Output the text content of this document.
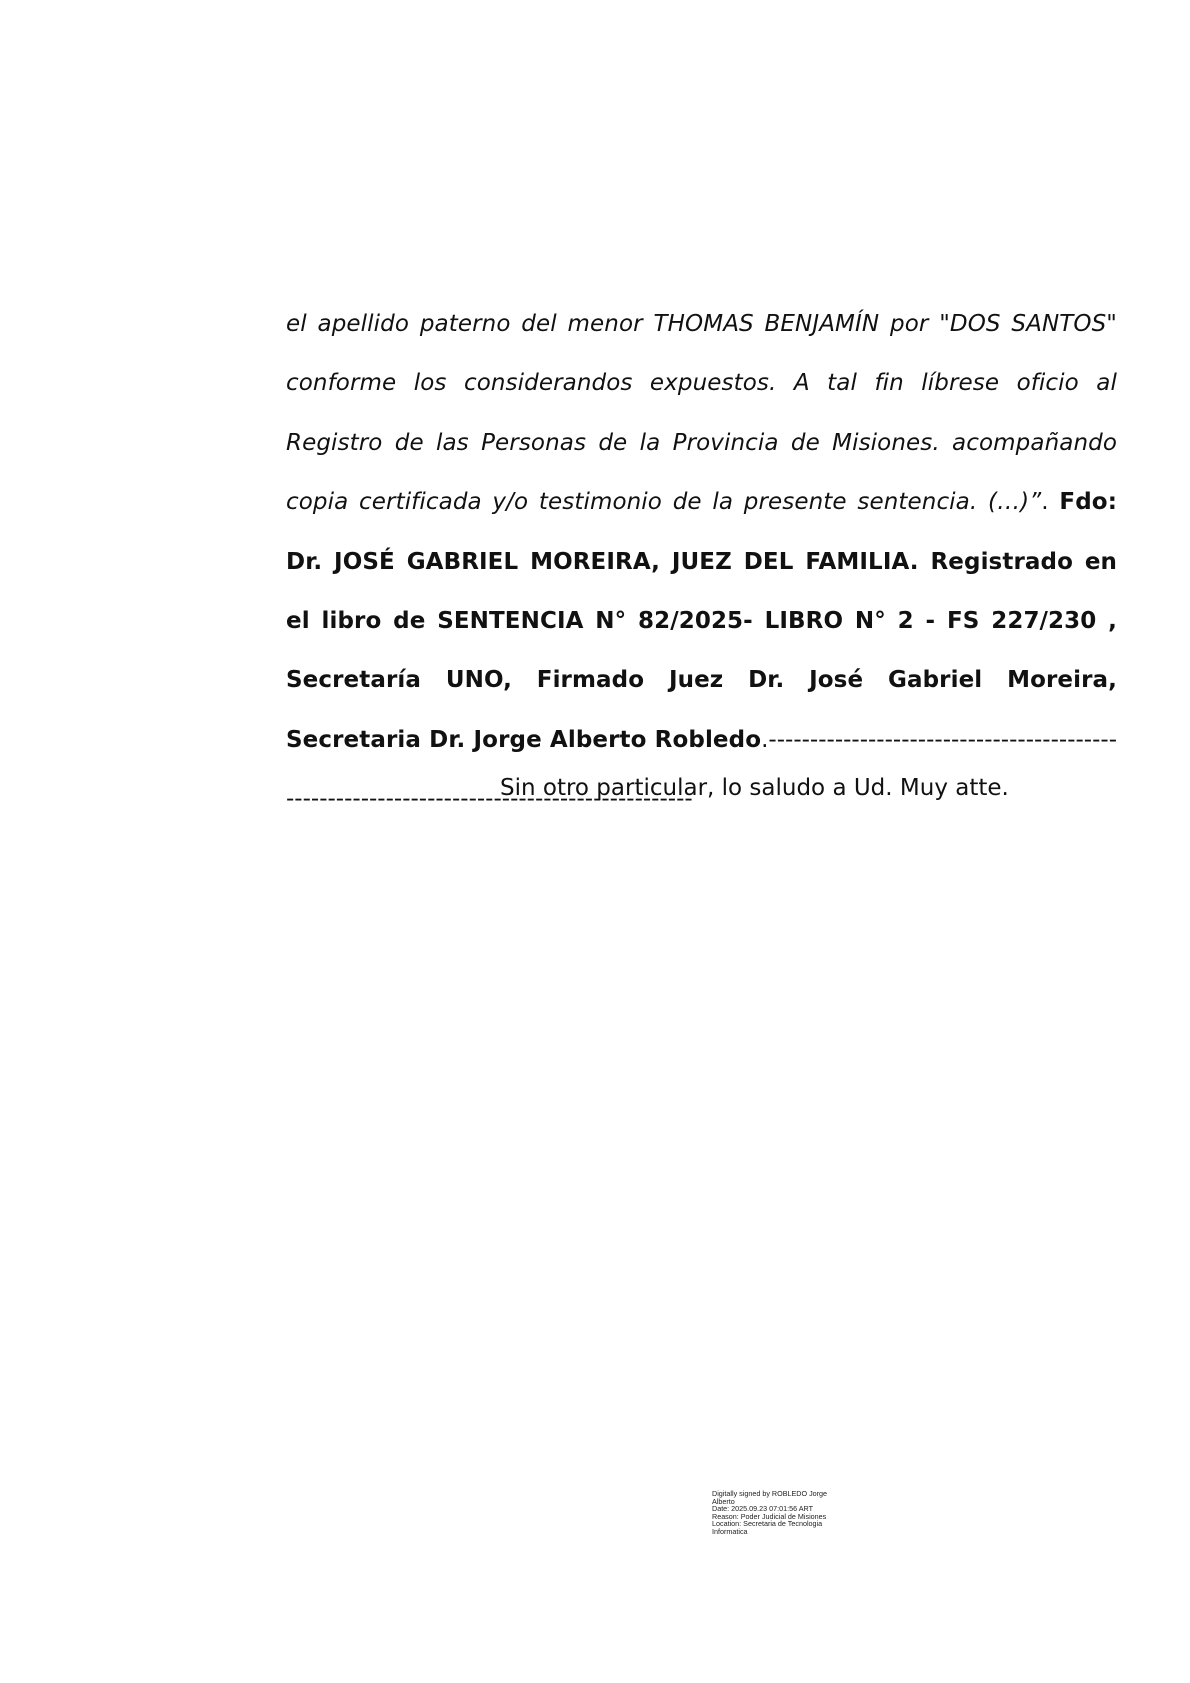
el apellido paterno del menor THOMAS BENJAMÍN por "DOS SANTOS" conforme los considerandos expuestos. A tal fin líbrese oficio al Registro de las Personas de la Provincia de Misiones. acompañando copia certificada y/o testimonio de la presente sentencia. (…)”. Fdo: Dr. JOSÉ GABRIEL MOREIRA, JUEZ DEL FAMILIA. Registrado en el libro de SENTENCIA N° 82/2025- LIBRO N° 2 - FS 227/230 , Secretaría UNO, Firmado Juez Dr. José Gabriel Moreira, Secretaria Dr. Jorge Alberto Robledo.-------------------------------------------------------------------------------------------

Sin otro particular, lo saludo a Ud. Muy atte.
Digitally signed by ROBLEDO Jorge
Alberto
Date: 2025.09.23 07:01:56 ART
Reason: Poder Judicial de Misiones
Location: Secretaria de Tecnologia
Informatica
